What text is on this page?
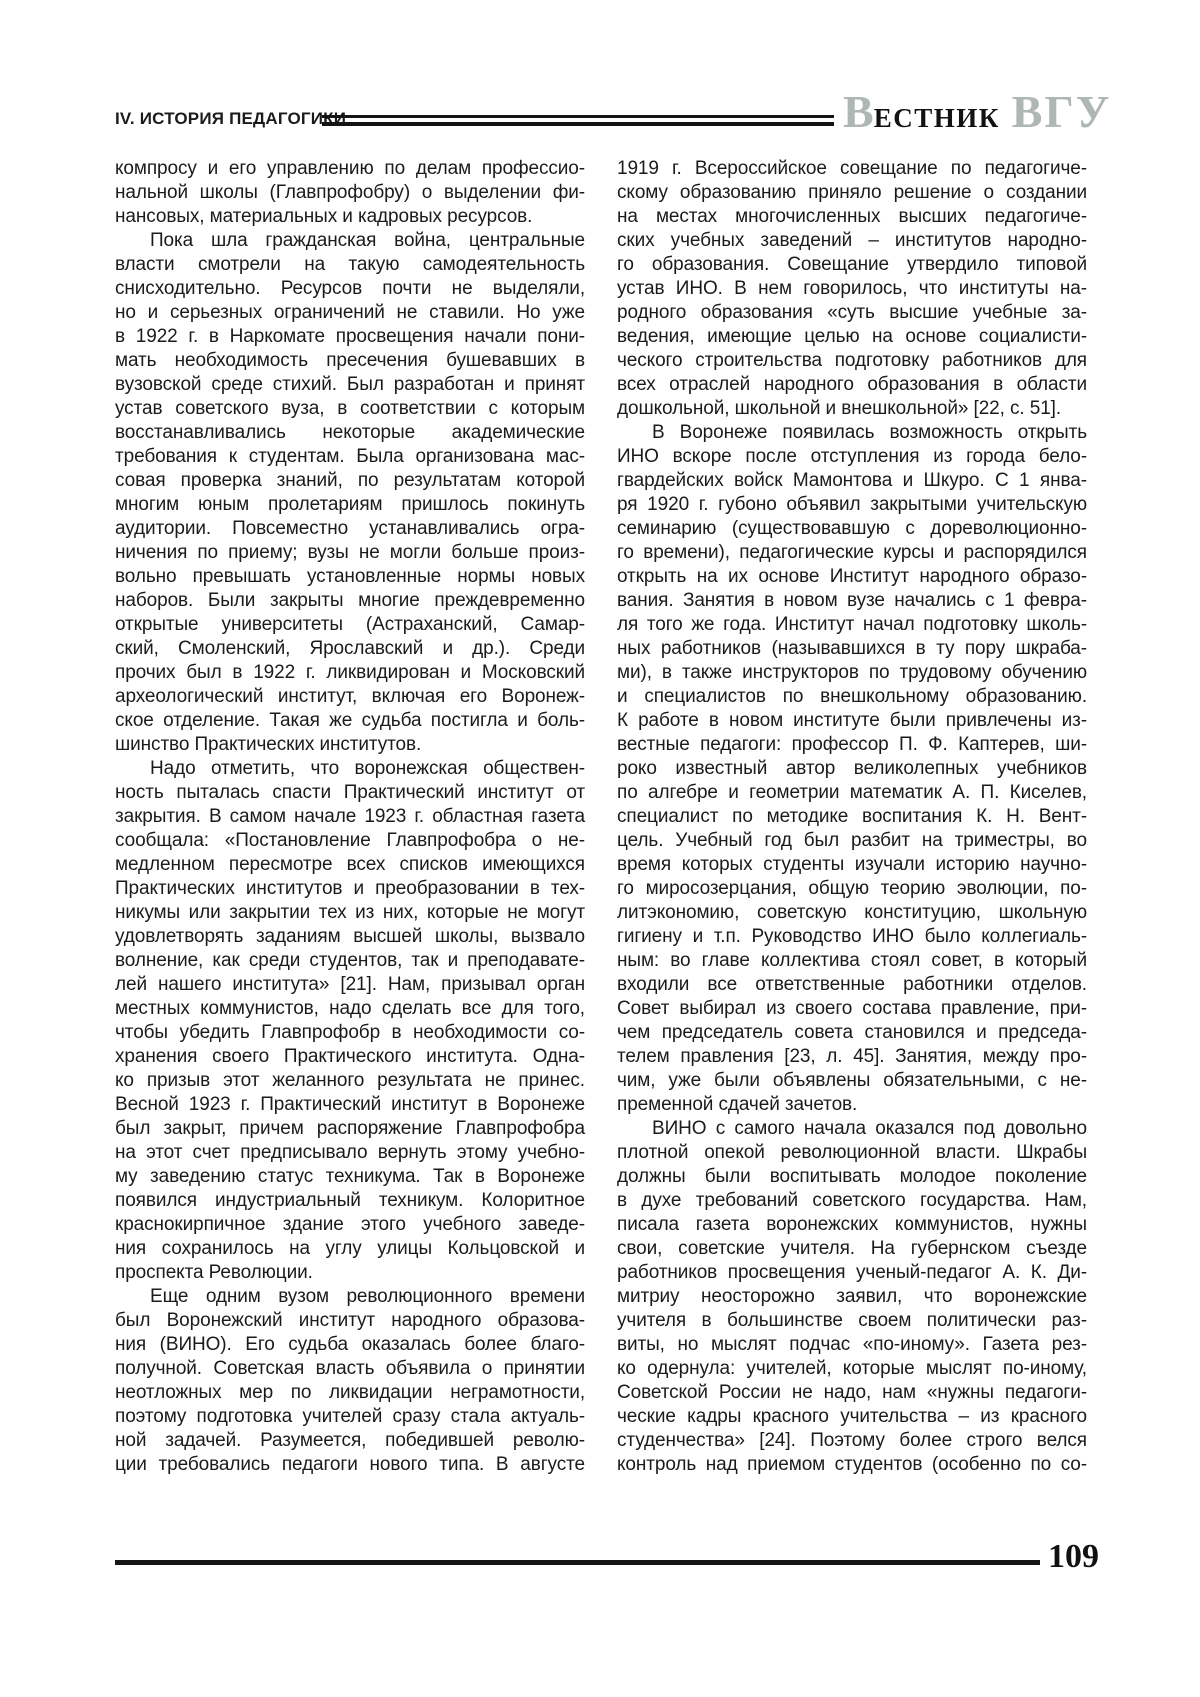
IV. ИСТОРИЯ ПЕДАГОГИКИ	ВЕСТНИК ВГУ
компросу и его управлению по делам профессио-
нальной школы (Главпрофобру) о выделении фи-
нансовых, материальных и кадровых ресурсов.
Пока шла гражданская война, центральные
власти смотрели на такую самодеятельность
снисходительно. Ресурсов почти не выделяли,
но и серьезных ограничений не ставили. Но уже
в 1922 г. в Наркомате просвещения начали пони-
мать необходимость пресечения бушевавших в
вузовской среде стихий. Был разработан и принят
устав советского вуза, в соответствии с которым
восстанавливались некоторые академические
требования к студентам. Была организована мас-
совая проверка знаний, по результатам которой
многим юным пролетариям пришлось покинуть
аудитории. Повсеместно устанавливались огра-
ничения по приему; вузы не могли больше произ-
вольно превышать установленные нормы новых
наборов. Были закрыты многие преждевременно
открытые университеты (Астраханский, Самар-
ский, Смоленский, Ярославский и др.). Среди
прочих был в 1922 г. ликвидирован и Московский
археологический институт, включая его Воронеж-
ское отделение. Такая же судьба постигла и боль-
шинство Практических институтов.
Надо отметить, что воронежская обществен-
ность пыталась спасти Практический институт от
закрытия. В самом начале 1923 г. областная газета
сообщала: «Постановление Главпрофобра о не-
медленном пересмотре всех списков имеющихся
Практических институтов и преобразовании в тех-
никумы или закрытии тех из них, которые не могут
удовлетворять заданиям высшей школы, вызвало
волнение, как среди студентов, так и преподавате-
лей нашего института» [21]. Нам, призывал орган
местных коммунистов, надо сделать все для того,
чтобы убедить Главпрофобр в необходимости со-
хранения своего Практического института. Одна-
ко призыв этот желанного результата не принес.
Весной 1923 г. Практический институт в Воронеже
был закрыт, причем распоряжение Главпрофобра
на этот счет предписывало вернуть этому учебно-
му заведению статус техникума. Так в Воронеже
появился индустриальный техникум. Колоритное
краснокирпичное здание этого учебного заведе-
ния сохранилось на углу улицы Кольцовской и
проспекта Революции.
Еще одним вузом революционного времени
был Воронежский институт народного образова-
ния (ВИНО). Его судьба оказалась более благо-
получной. Советская власть объявила о принятии
неотложных мер по ликвидации неграмотности,
поэтому подготовка учителей сразу стала актуаль-
ной задачей. Разумеется, победившей револю-
ции требовались педагоги нового типа. В августе
1919 г. Всероссийское совещание по педагогиче-
скому образованию приняло решение о создании
на местах многочисленных высших педагогиче-
ских учебных заведений – институтов народно-
го образования. Совещание утвердило типовой
устав ИНО. В нем говорилось, что институты на-
родного образования «суть высшие учебные за-
ведения, имеющие целью на основе социалисти-
ческого строительства подготовку работников для
всех отраслей народного образования в области
дошкольной, школьной и внешкольной» [22, с. 51].
В Воронеже появилась возможность открыть
ИНО вскоре после отступления из города бело-
гвардейских войск Мамонтова и Шкуро. С 1 янва-
ря 1920 г. губоно объявил закрытыми учительскую
семинарию (существовавшую с дореволюционно-
го времени), педагогические курсы и распорядился
открыть на их основе Институт народного образо-
вания. Занятия в новом вузе начались с 1 февра-
ля того же года. Институт начал подготовку школь-
ных работников (называвшихся в ту пору шкраба-
ми), в также инструкторов по трудовому обучению
и специалистов по внешкольному образованию.
К работе в новом институте были привлечены из-
вестные педагоги: профессор П. Ф. Каптерев, ши-
роко известный автор великолепных учебников
по алгебре и геометрии математик А. П. Киселев,
специалист по методике воспитания К. Н. Вент-
цель. Учебный год был разбит на триместры, во
время которых студенты изучали историю научно-
го миросозерцания, общую теорию эволюции, по-
литэкономию, советскую конституцию, школьную
гигиену и т.п. Руководство ИНО было коллегиаль-
ным: во главе коллектива стоял совет, в который
входили все ответственные работники отделов.
Совет выбирал из своего состава правление, при-
чем председатель совета становился и председа-
телем правления [23, л. 45]. Занятия, между про-
чим, уже были объявлены обязательными, с не-
пременной сдачей зачетов.
ВИНО с самого начала оказался под довольно
плотной опекой революционной власти. Шкрабы
должны были воспитывать молодое поколение
в духе требований советского государства. Нам,
писала газета воронежских коммунистов, нужны
свои, советские учителя. На губернском съезде
работников просвещения ученый-педагог А. К. Ди-
митриу неосторожно заявил, что воронежские
учителя в большинстве своем политически раз-
виты, но мыслят подчас «по-иному». Газета рез-
ко одернула: учителей, которые мыслят по-иному,
Советской России не надо, нам «нужны педагоги-
ческие кадры красного учительства – из красного
студенчества» [24]. Поэтому более строго велся
контроль над приемом студентов (особенно по со-
109
